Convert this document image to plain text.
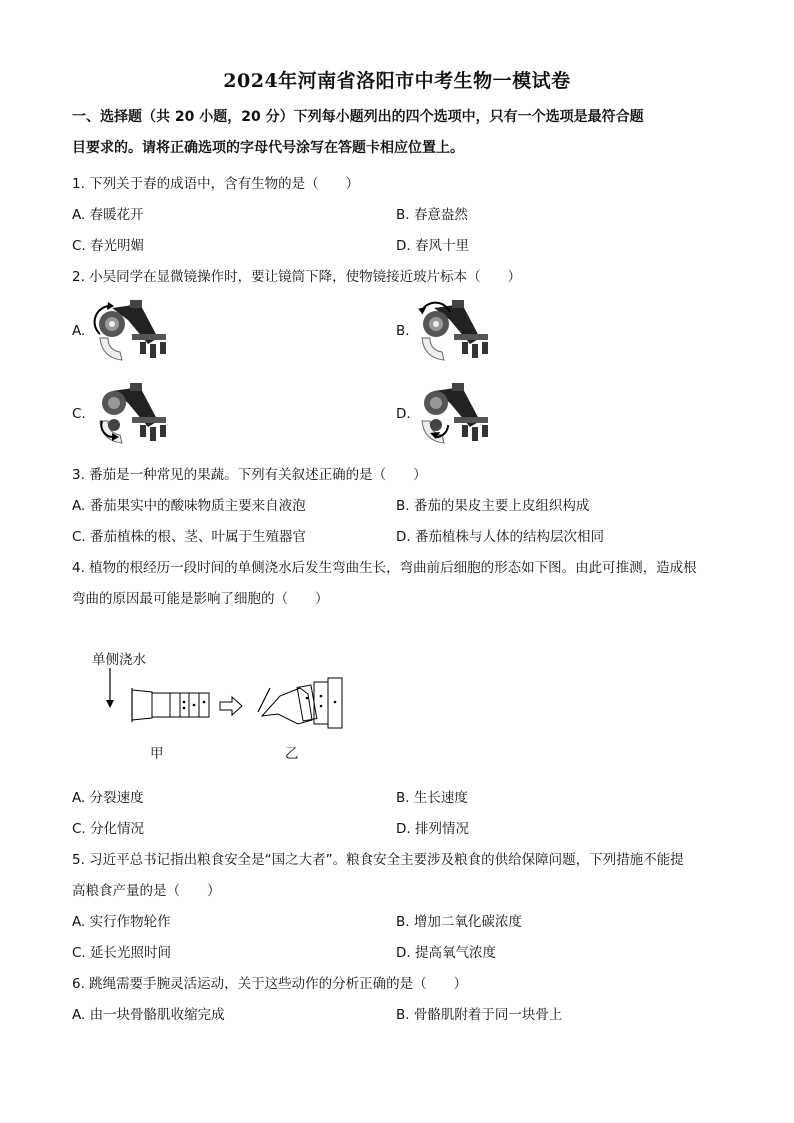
2024年河南省洛阳市中考生物一模试卷
一、选择题（共 20 小题，20 分）下列每小题列出的四个选项中，只有一个选项是最符合题
目要求的。请将正确选项的字母代号涂写在答题卡相应位置上。
1. 下列关于春的成语中，含有生物的是（　　）
A. 春暖花开	B. 春意盎然
C. 春光明媚	D. 春风十里
2. 小吴同学在显微镜操作时，要让镜筒下降，使物镜接近玻片标本（　　）
A.	B.
C.	D.
3. 番茄是一种常见的果蔬。下列有关叙述正确的是（　　）
A. 番茄果实中的酸味物质主要来自液泡	B. 番茄的果皮主要上皮组织构成
C. 番茄植株的根、茎、叶属于生殖器官	D. 番茄植株与人体的结构层次相同
4. 植物的根经历一段时间的单侧浇水后发生弯曲生长，弯曲前后细胞的形态如下图。由此可推测，造成根
弯曲的原因最可能是影响了细胞的（　　）
单侧浇水
甲	乙
A. 分裂速度	B. 生长速度
C. 分化情况	D. 排列情况
5. 习近平总书记指出粮食安全是“国之大者”。粮食安全主要涉及粮食的供给保障问题，下列措施不能提
高粮食产量的是（　　）
A. 实行作物轮作	B. 增加二氧化碳浓度
C. 延长光照时间	D. 提高氧气浓度
6. 跳绳需要手腕灵活运动，关于这些动作的分析正确的是（　　）
A. 由一块骨骼肌收缩完成	B. 骨骼肌附着于同一块骨上
